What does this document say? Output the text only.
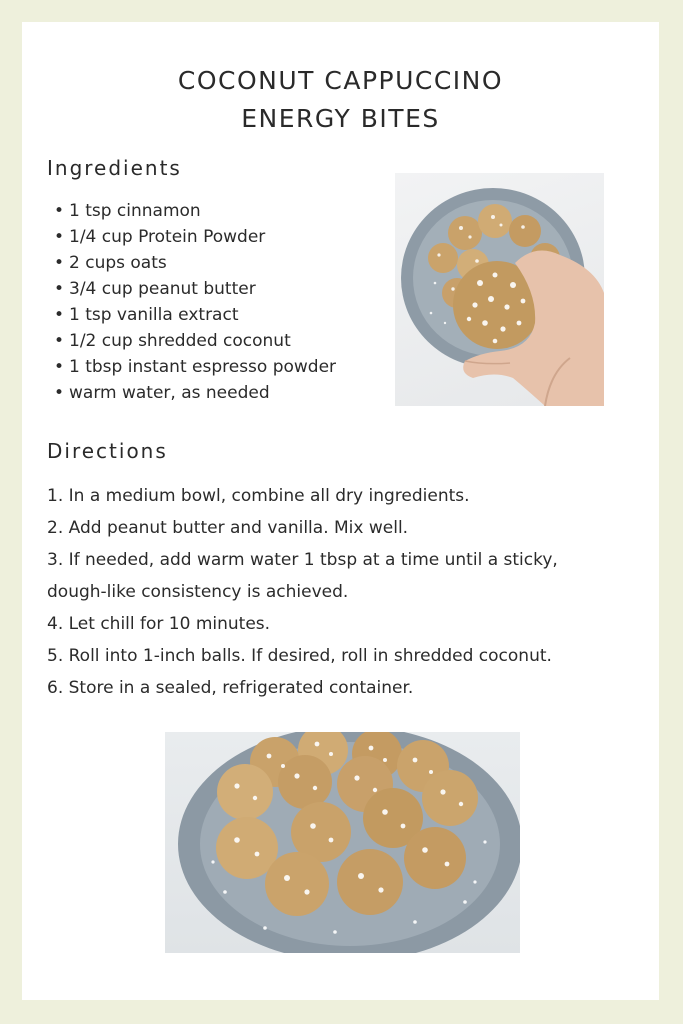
COCONUT CAPPUCCINO
ENERGY BITES
Ingredients
• 1 tsp cinnamon
• 1/4 cup Protein Powder
• 2 cups oats
• 3/4 cup peanut butter
• 1 tsp vanilla extract
• 1/2 cup shredded coconut
• 1 tbsp instant espresso powder
• warm water, as needed
Directions
1. In a medium bowl, combine all dry ingredients.
2. Add peanut butter and vanilla. Mix well.
3. If needed, add warm water 1 tbsp at a time until a sticky,
dough-like consistency is achieved.
4. Let chill for 10 minutes.
5. Roll into 1-inch balls. If desired, roll in shredded coconut.
6. Store in a sealed, refrigerated container.
